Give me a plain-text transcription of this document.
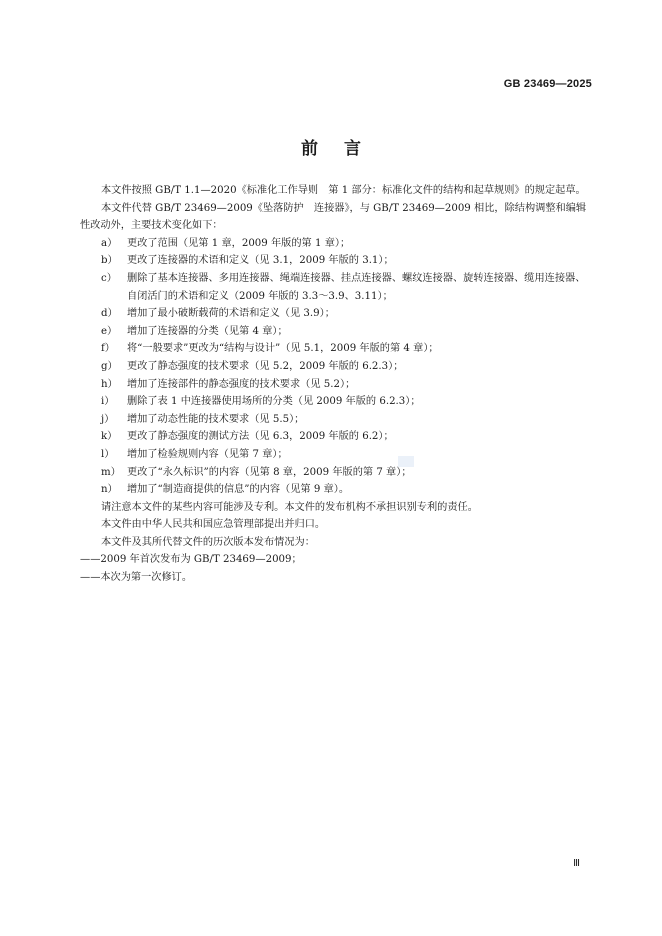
GB 23469—2025
前言

本文件按照 GB/T 1.1—2020《标准化工作导则　第 1 部分：标准化文件的结构和起草规则》的规定起草。

本文件代替 GB/T 23469—2009《坠落防护　连接器》，与 GB/T 23469—2009 相比，除结构调整和编辑性改动外，主要技术变化如下：

a） 更改了范围（见第 1 章，2009 年版的第 1 章）；

b） 更改了连接器的术语和定义（见 3.1，2009 年版的 3.1）；

c） 删除了基本连接器、多用连接器、绳端连接器、挂点连接器、螺纹连接器、旋转连接器、缆用连接器、自闭活门的术语和定义（2009 年版的 3.3～3.9、3.11）；

d） 增加了最小破断载荷的术语和定义（见 3.9）；

e） 增加了连接器的分类（见第 4 章）；

f） 将“一般要求”更改为“结构与设计”（见 5.1，2009 年版的第 4 章）；

g） 更改了静态强度的技术要求（见 5.2，2009 年版的 6.2.3）；

h） 增加了连接部件的静态强度的技术要求（见 5.2）；

i） 删除了表 1 中连接器使用场所的分类（见 2009 年版的 6.2.3）；

j） 增加了动态性能的技术要求（见 5.5）；

k） 更改了静态强度的测试方法（见 6.3，2009 年版的 6.2）；

l） 增加了检验规则内容（见第 7 章）；

m） 更改了“永久标识”的内容（见第 8 章，2009 年版的第 7 章）；

n） 增加了“制造商提供的信息”的内容（见第 9 章）。

请注意本文件的某些内容可能涉及专利。本文件的发布机构不承担识别专利的责任。

本文件由中华人民共和国应急管理部提出并归口。

本文件及其所代替文件的历次版本发布情况为：

——2009 年首次发布为 GB/T 23469—2009；

——本次为第一次修订。

Ⅲ
